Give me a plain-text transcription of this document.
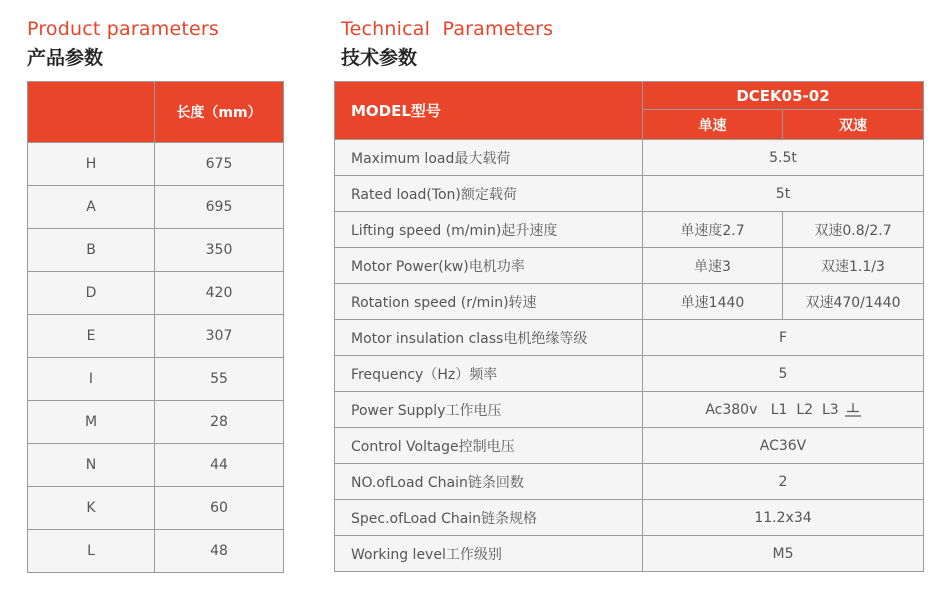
Product parameters
产品参数
Technical  Parameters
技术参数
	长度（mm）
H	675
A	695
B	350
D	420
E	307
I	55
M	28
N	44
K	60
L	48
MODEL型号	DCEK05-02	
	单速	双速
Maximum load最大载荷	5.5t	
Rated load(Ton)额定载荷	5t	
Lifting speed (m/min)起升速度	单速度2.7	双速0.8/2.7
Motor Power(kw)电机功率	单速3	双速1.1/3
Rotation speed (r/min)转速	单速1440	双速470/1440
Motor insulation class电机绝缘等级	F	
Frequency（Hz）频率	5	
Power Supply工作电压	Ac380v   L1  L2  L3	
Control Voltage控制电压	AC36V	
NO.ofLoad Chain链条回数	2	
Spec.ofLoad Chain链条规格	11.2x34	
Working level工作级别	M5	
